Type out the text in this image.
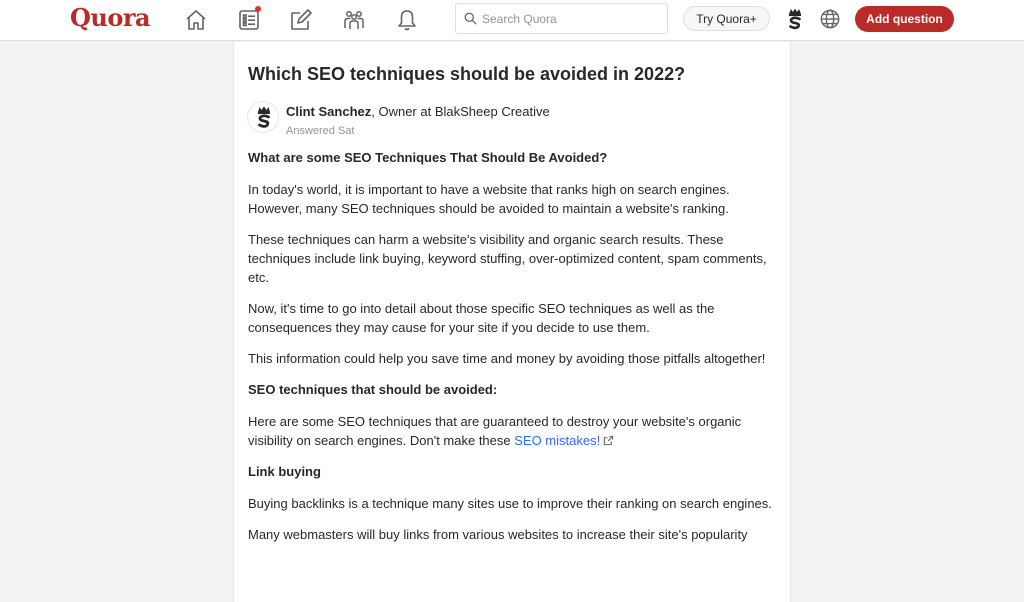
Quora
Search Quora	Try Quora+	Add question
Which SEO techniques should be avoided in 2022?
Clint Sanchez, Owner at BlakSheep Creative
Answered Sat

What are some SEO Techniques That Should Be Avoided?

In today's world, it is important to have a website that ranks high on search engines. However, many SEO techniques should be avoided to maintain a website's ranking.

These techniques can harm a website's visibility and organic search results. These techniques include link buying, keyword stuffing, over-optimized content, spam comments, etc.

Now, it's time to go into detail about those specific SEO techniques as well as the consequences they may cause for your site if you decide to use them.

This information could help you save time and money by avoiding those pitfalls altogether!

SEO techniques that should be avoided:

Here are some SEO techniques that are guaranteed to destroy your website's organic visibility on search engines. Don't make these SEO mistakes!

Link buying

Buying backlinks is a technique many sites use to improve their ranking on search engines.

Many webmasters will buy links from various websites to increase their site's popularity
